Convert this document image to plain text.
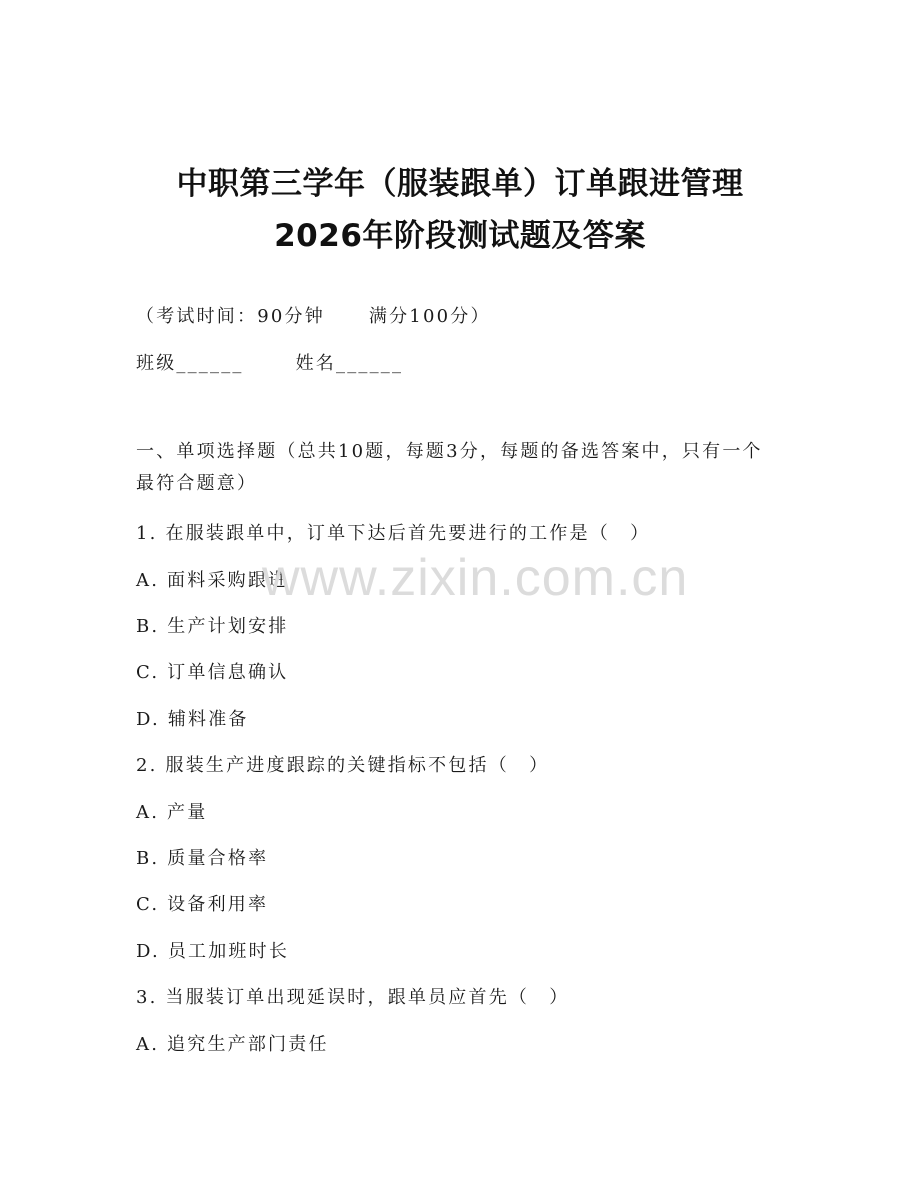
中职第三学年（服装跟单）订单跟进管理
2026年阶段测试题及答案
（考试时间：90分钟 满分100分）
班级______	姓名______
一、单项选择题（总共10题，每题3分，每题的备选答案中，只有一个最符合题意）
1. 在服装跟单中，订单下达后首先要进行的工作是（　）
A. 面料采购跟进
B. 生产计划安排
C. 订单信息确认
D. 辅料准备
2. 服装生产进度跟踪的关键指标不包括（　）
A. 产量
B. 质量合格率
C. 设备利用率
D. 员工加班时长
3. 当服装订单出现延误时，跟单员应首先（　）
A. 追究生产部门责任
www.zixin.com.cn
